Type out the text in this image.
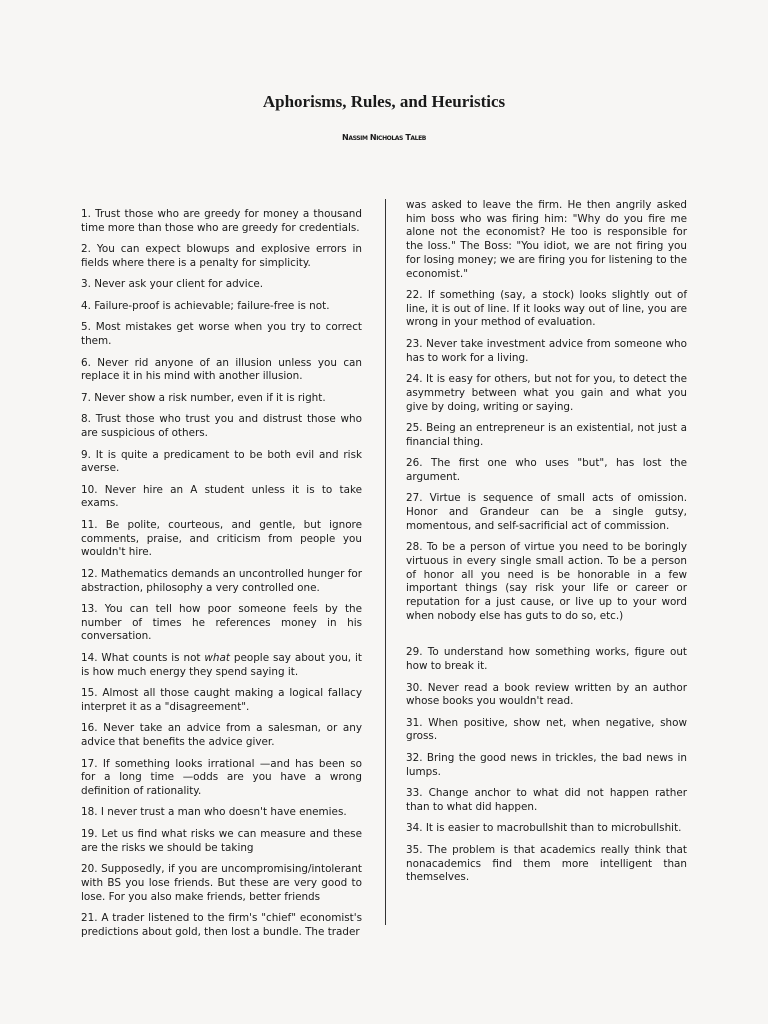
Aphorisms, Rules, and Heuristics
Nassim Nicholas Taleb

1. Trust those who are greedy for money a thousand time more than those who are greedy for credentials.

2. You can expect blowups and explosive errors in fields where there is a penalty for simplicity.

3. Never ask your client for advice.

4. Failure-proof is achievable; failure-free is not.

5. Most mistakes get worse when you try to correct them.

6. Never rid anyone of an illusion unless you can replace it in his mind with another illusion.

7. Never show a risk number, even if it is right.

8. Trust those who trust you and distrust those who are suspicious of others.

9. It is quite a predicament to be both evil and risk averse.

10. Never hire an A student unless it is to take exams.

11. Be polite, courteous, and gentle, but ignore comments, praise, and criticism from people you wouldn't hire.

12. Mathematics demands an uncontrolled hunger for abstraction, philosophy a very controlled one.

13. You can tell how poor someone feels by the number of times he references money in his conversation.

14. What counts is not what people say about you, it is how much energy they spend saying it.

15. Almost all those caught making a logical fallacy interpret it as a "disagreement".

16. Never take an advice from a salesman, or any advice that benefits the advice giver.

17. If something looks irrational —and has been so for a long time —odds are you have a wrong definition of rationality.

18. I never trust a man who doesn't have enemies.

19. Let us find what risks we can measure and these are the risks we should be taking

20. Supposedly, if you are uncompromising/intolerant with BS you lose friends. But these are very good to lose. For you also make friends, better friends

21. A trader listened to the firm's "chief" economist's predictions about gold, then lost a bundle. The trader

was asked to leave the firm. He then angrily asked him boss who was firing him: "Why do you fire me alone not the economist? He too is responsible for the loss." The Boss: "You idiot, we are not firing you for losing money; we are firing you for listening to the economist."

22. If something (say, a stock) looks slightly out of line, it is out of line. If it looks way out of line, you are wrong in your method of evaluation.

23. Never take investment advice from someone who has to work for a living.

24. It is easy for others, but not for you, to detect the asymmetry between what you gain and what you give by doing, writing or saying.

25. Being an entrepreneur is an existential, not just a financial thing.

26. The first one who uses "but", has lost the argument.

27. Virtue is sequence of small acts of omission. Honor and Grandeur can be a single gutsy, momentous, and self-sacrificial act of commission.

28. To be a person of virtue you need to be boringly virtuous in every single small action. To be a person of honor all you need is be honorable in a few important things (say risk your life or career or reputation for a just cause, or live up to your word when nobody else has guts to do so, etc.)

29. To understand how something works, figure out how to break it.

30. Never read a book review written by an author whose books you wouldn't read.

31. When positive, show net, when negative, show gross.

32. Bring the good news in trickles, the bad news in lumps.

33. Change anchor to what did not happen rather than to what did happen.

34. It is easier to macrobullshit than to microbullshit.

35. The problem is that academics really think that nonacademics find them more intelligent than themselves.
